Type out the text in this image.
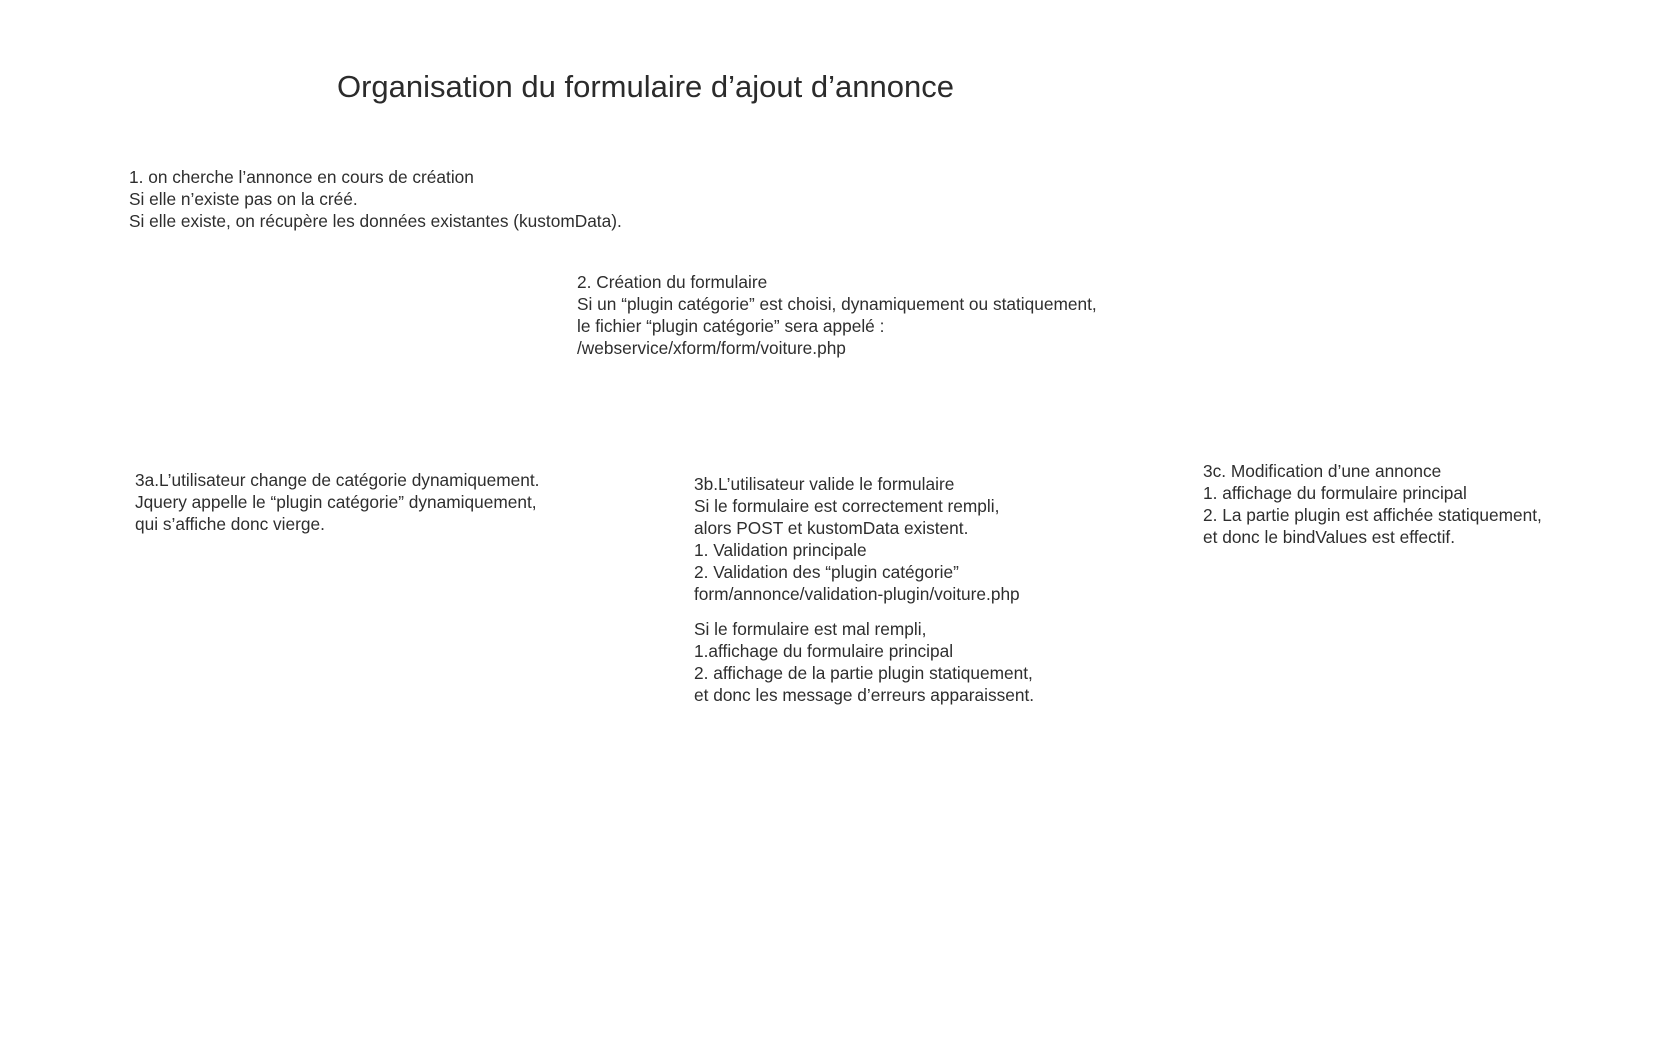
Organisation du formulaire d’ajout d’annonce
1. on cherche l’annonce en cours de création
Si elle n’existe pas on la créé.
Si elle existe, on récupère les données existantes (kustomData).
2. Création du formulaire
Si un “plugin catégorie” est choisi, dynamiquement ou statiquement,
le fichier “plugin catégorie” sera appelé :
/webservice/xform/form/voiture.php
3a.L’utilisateur change de catégorie dynamiquement.
Jquery appelle le “plugin catégorie” dynamiquement,
qui s’affiche donc vierge.
3b.L’utilisateur valide le formulaire
Si le formulaire est correctement rempli,
alors POST et kustomData existent.
1. Validation principale
2. Validation des “plugin catégorie”
form/annonce/validation-plugin/voiture.php
Si le formulaire est mal rempli,
1.affichage du formulaire principal
2. affichage de la partie plugin statiquement,
et donc les message d’erreurs apparaissent.
3c. Modification d’une annonce
1. affichage du formulaire principal
2. La partie plugin est affichée statiquement,
et donc le bindValues est effectif.
